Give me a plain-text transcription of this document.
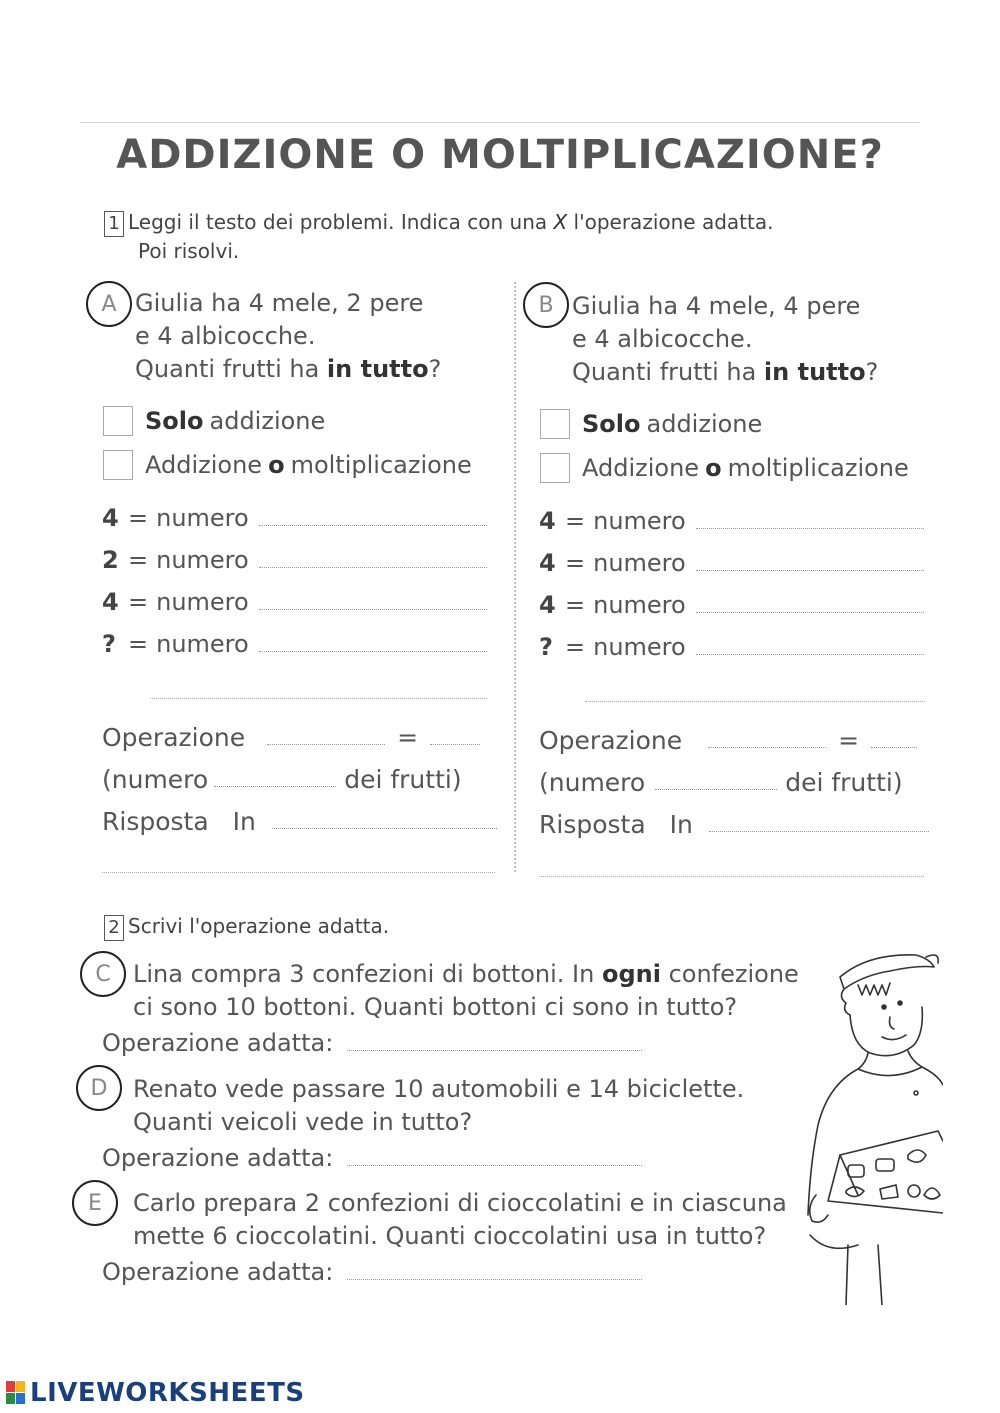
ADDIZIONE O MOLTIPLICAZIONE?
1 Leggi il testo dei problemi. Indica con una X l'operazione adatta.
Poi risolvi.
A Giulia ha 4 mele, 2 pere
e 4 albicocche.
Quanti frutti ha in tutto?
Solo addizione
Addizione o moltiplicazione
4 = numero
2 = numero
4 = numero
? = numero
Operazione	=
(numero	dei frutti)
Risposta In
B Giulia ha 4 mele, 4 pere
e 4 albicocche.
Quanti frutti ha in tutto?
Solo addizione
Addizione o moltiplicazione
4 = numero
4 = numero
4 = numero
? = numero
Operazione	=
(numero	dei frutti)
Risposta In
2 Scrivi l'operazione adatta.
C Lina compra 3 confezioni di bottoni. In ogni confezione
ci sono 10 bottoni. Quanti bottoni ci sono in tutto?
Operazione adatta:
D	Renato vede passare 10 automobili e 14 biciclette.
Quanti veicoli vede in tutto?
Operazione adatta:
E	Carlo prepara 2 confezioni di cioccolatini e in ciascuna
mette 6 cioccolatini. Quanti cioccolatini usa in tutto?
Operazione adatta:
LIVEWORKSHEETS
